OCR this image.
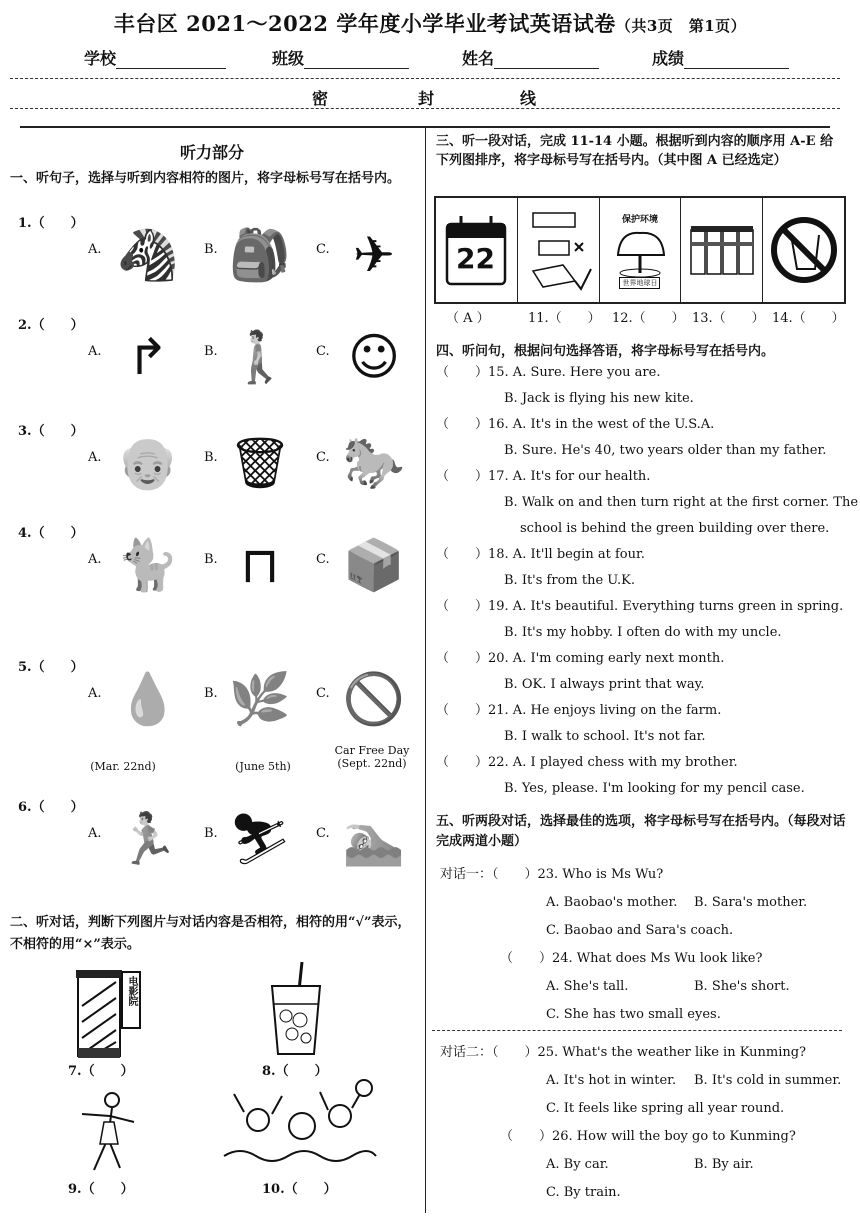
丰台区 2021～2022 学年度小学毕业考试英语试卷（共3页　第1页）
学校	班级	姓名	成绩
密	封	线
听力部分
一、听句子，选择与听到内容相符的图片，将字母标号写在括号内。
1.（　　）
A. 🦓	B. 🎒	C. ✈
2.（　　）
A. ↱	B. 🚶	C. ☺
3.（　　）
A. 👴	B. 🗑	C. 🐎
4.（　　）
A. 🐈	B. ⊓	C. 📦
5.（　　）
A. 💧	B. 🌿	C. 🚫
6.（　　）
A. 🏃	B. ⛷	C. 🏊
(Mar. 22nd)	(June 5th)
Car Free Day
(Sept. 22nd)
二、听对话，判断下列图片与对话内容是否相符，相符的用“√”表示，不相符的用“×”表示。
电影院
7.（　　）	8.（　　）
9.（　　）	10.（　　）
三、听一段对话，完成 11-14 小题。根据听到内容的顺序用 A-E 给下列图排序，将字母标号写在括号内。（其中图 A 已经选定）
22
保护环境
世界地球日
（ A ）	11.（　　） 12.（　　） 13.（　　） 14.（　　）
四、听问句，根据问句选择答语，将字母标号写在括号内。
（　　）15. A. Sure. Here you are.
B. Jack is flying his new kite.
（　　）16. A. It's in the west of the U.S.A.
B. Sure. He's 40, two years older than my father.
（　　）17. A. It's for our health.
B. Walk on and then turn right at the first corner. The
school is behind the green building over there.
（　　）18. A. It'll begin at four.
B. It's from the U.K.
（　　）19. A. It's beautiful. Everything turns green in spring.
B. It's my hobby. I often do with my uncle.
（　　）20. A. I'm coming early next month.
B. OK. I always print that way.
（　　）21. A. He enjoys living on the farm.
B. I walk to school. It's not far.
（　　）22. A. I played chess with my brother.
B. Yes, please. I'm looking for my pencil case.
五、听两段对话，选择最佳的选项，将字母标号写在括号内。（每段对话完成两道小题）
对话一：（　　）23. Who is Ms Wu?
A. Baobao's mother. B. Sara's mother.
C. Baobao and Sara's coach.
（　　）24. What does Ms Wu look like?
A. She's tall.	B. She's short.
C. She has two small eyes.
对话二：（　　）25. What's the weather like in Kunming?
A. It's hot in winter. B. It's cold in summer.
C. It feels like spring all year round.
（　　）26. How will the boy go to Kunming?
A. By car.	B. By air.
C. By train.
